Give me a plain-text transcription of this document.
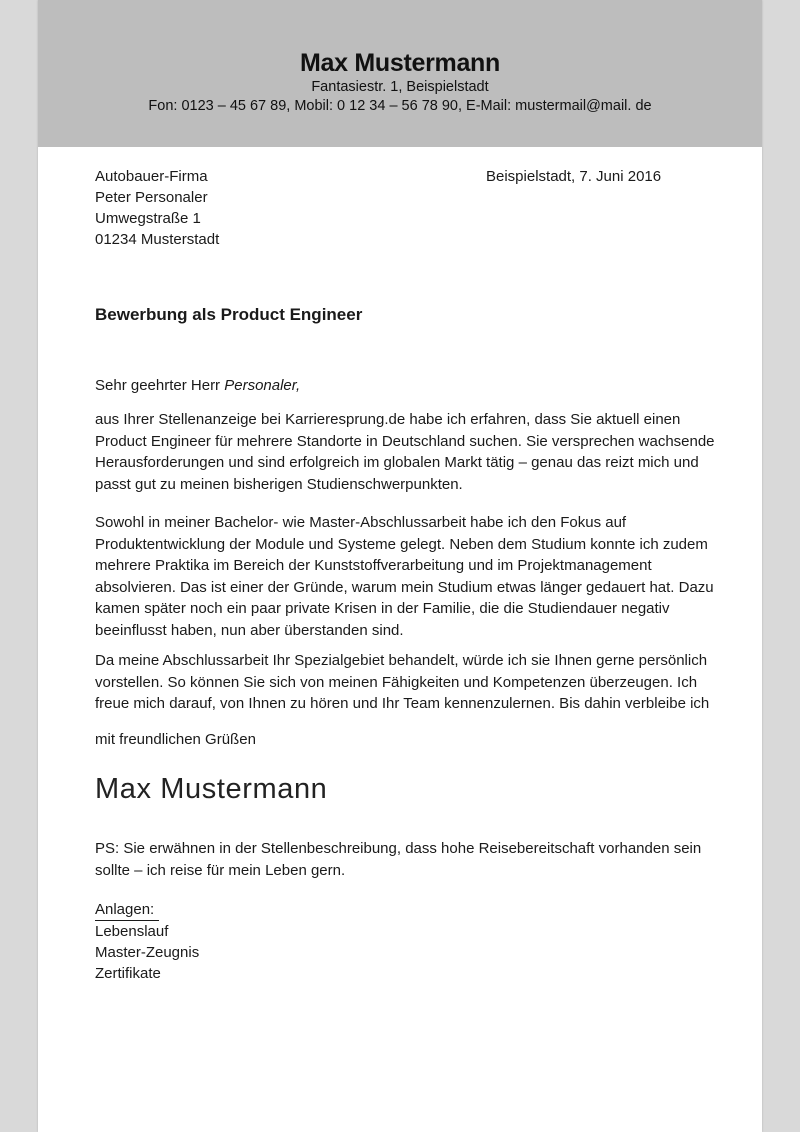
Max Mustermann
Fantasiestr. 1, Beispielstadt
Fon: 0123 – 45 67 89, Mobil: 0 12 34 – 56 78 90, E-Mail: mustermail@mail. de
Autobauer-Firma
Peter Personaler
Umwegstraße 1
01234 Musterstadt
Beispielstadt, 7. Juni 2016
Bewerbung als Product Engineer
Sehr geehrter Herr Personaler,
aus Ihrer Stellenanzeige bei Karrieresprung.de habe ich erfahren, dass Sie aktuell einen Product Engineer für mehrere Standorte in Deutschland suchen. Sie versprechen wachsende Herausforderungen und sind erfolgreich im globalen Markt tätig – genau das reizt mich und passt gut zu meinen bisherigen Studienschwerpunkten.
Sowohl in meiner Bachelor- wie Master-Abschlussarbeit habe ich den Fokus auf Produktentwicklung der Module und Systeme gelegt. Neben dem Studium konnte ich zudem mehrere Praktika im Bereich der Kunststoffverarbeitung und im Projektmanagement absolvieren. Das ist einer der Gründe, warum mein Studium etwas länger gedauert hat. Dazu kamen später noch ein paar private Krisen in der Familie, die die Studiendauer negativ beeinflusst haben, nun aber überstanden sind.
Da meine Abschlussarbeit Ihr Spezialgebiet behandelt, würde ich sie Ihnen gerne persönlich vorstellen. So können Sie sich von meinen Fähigkeiten und Kompetenzen überzeugen. Ich freue mich darauf, von Ihnen zu hören und Ihr Team kennenzulernen. Bis dahin verbleibe ich
mit freundlichen Grüßen
Max Mustermann
PS: Sie erwähnen in der Stellenbeschreibung, dass hohe Reisebereitschaft vorhanden sein sollte – ich reise für mein Leben gern.
Anlagen:
Lebenslauf
Master-Zeugnis
Zertifikate
